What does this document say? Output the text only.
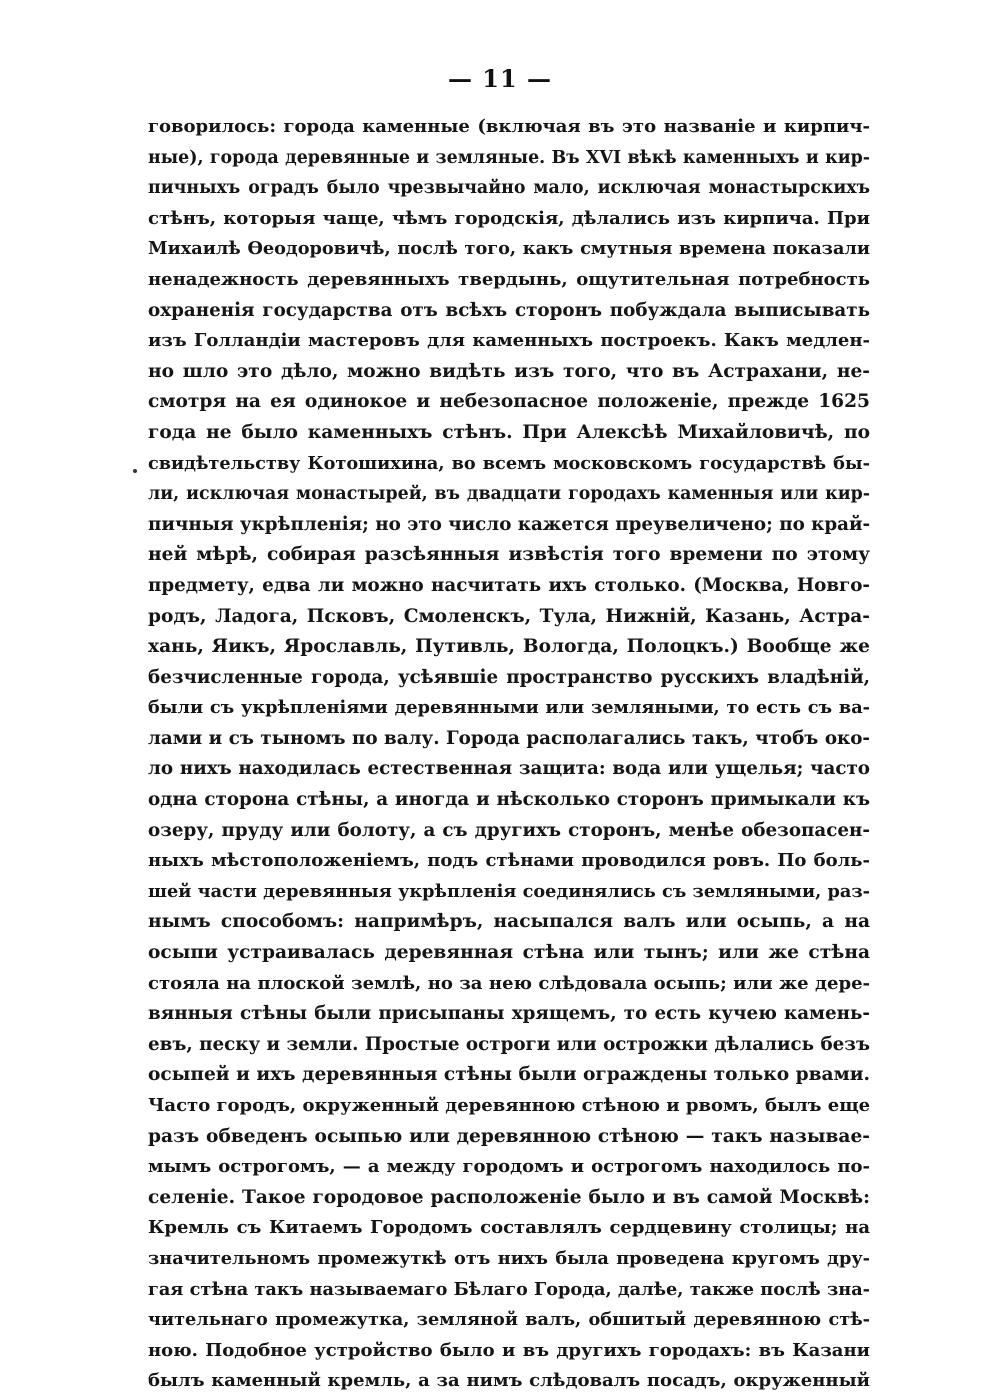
— 11 —
говорилось: города каменные (включая въ это названіе и кирпич-
ные), города деревянные и земляные. Въ XVI вѣкѣ каменныхъ и кир-
пичныхъ оградъ было чрезвычайно мало, исключая монастырскихъ
стѣнъ, которыя чаще, чѣмъ городскія, дѣлались изъ кирпича. При
Михаилѣ Ѳеодоровичѣ, послѣ того, какъ смутныя времена показали
ненадежность деревянныхъ твердынь, ощутительная потребность
охраненія государства отъ всѣхъ сторонъ побуждала выписывать
изъ Голландіи мастеровъ для каменныхъ построекъ. Какъ медлен-
но шло это дѣло, можно видѣть изъ того, что въ Астрахани, не-
смотря на ея одинокое и небезопасное положеніе, прежде 1625
года не было каменныхъ стѣнъ. При Алексѣѣ Михайловичѣ, по
свидѣтельству Котошихина, во всемъ московскомъ государствѣ бы-
ли, исключая монастырей, въ двадцати городахъ каменныя или кир-
пичныя укрѣпленія; но это число кажется преувеличено; по край-
ней мѣрѣ, собирая разсѣянныя извѣстія того времени по этому
предмету, едва ли можно насчитать ихъ столько. (Москва, Новго-
родъ, Ладога, Псковъ, Смоленскъ, Тула, Нижній, Казань, Астра-
хань, Яикъ, Ярославль, Путивль, Вологда, Полоцкъ.) Вообще же
безчисленные города, усѣявшіе пространство русскихъ владѣній,
были съ укрѣпленіями деревянными или земляными, то есть съ ва-
лами и съ тыномъ по валу. Города располагались такъ, чтобъ око-
ло нихъ находилась естественная защита: вода или ущелья; часто
одна сторона стѣны, а иногда и нѣсколько сторонъ примыкали къ
озеру, пруду или болоту, а съ другихъ сторонъ, менѣе обезопасен-
ныхъ мѣстоположеніемъ, подъ стѣнами проводился ровъ. По боль-
шей части деревянныя укрѣпленія соединялись съ земляными, раз-
нымъ способомъ: напримѣръ, насыпался валъ или осыпь, а на
осыпи устраивалась деревянная стѣна или тынъ; или же стѣна
стояла на плоской землѣ, но за нею слѣдовала осыпь; или же дере-
вянныя стѣны были присыпаны хрящемъ, то есть кучею камень-
евъ, песку и земли. Простые остроги или острожки дѣлались безъ
осыпей и ихъ деревянныя стѣны были ограждены только рвами.
Часто городъ, окруженный деревянною стѣною и рвомъ, былъ еще
разъ обведенъ осыпью или деревянною стѣною — такъ называе-
мымъ острогомъ, — а между городомъ и острогомъ находилось по-
селеніе. Такое городовое расположеніе было и въ самой Москвѣ:
Кремль съ Китаемъ Городомъ составлялъ сердцевину столицы; на
значительномъ промежуткѣ отъ нихъ была проведена кругомъ дру-
гая стѣна такъ называемаго Бѣлаго Города, далѣе, также послѣ зна-
чительнаго промежутка, земляной валъ, обшитый деревянною стѣ-
ною. Подобное устройство было и въ другихъ городахъ: въ Казани
былъ каменный кремль, а за нимъ слѣдовалъ посадъ, окруженный
